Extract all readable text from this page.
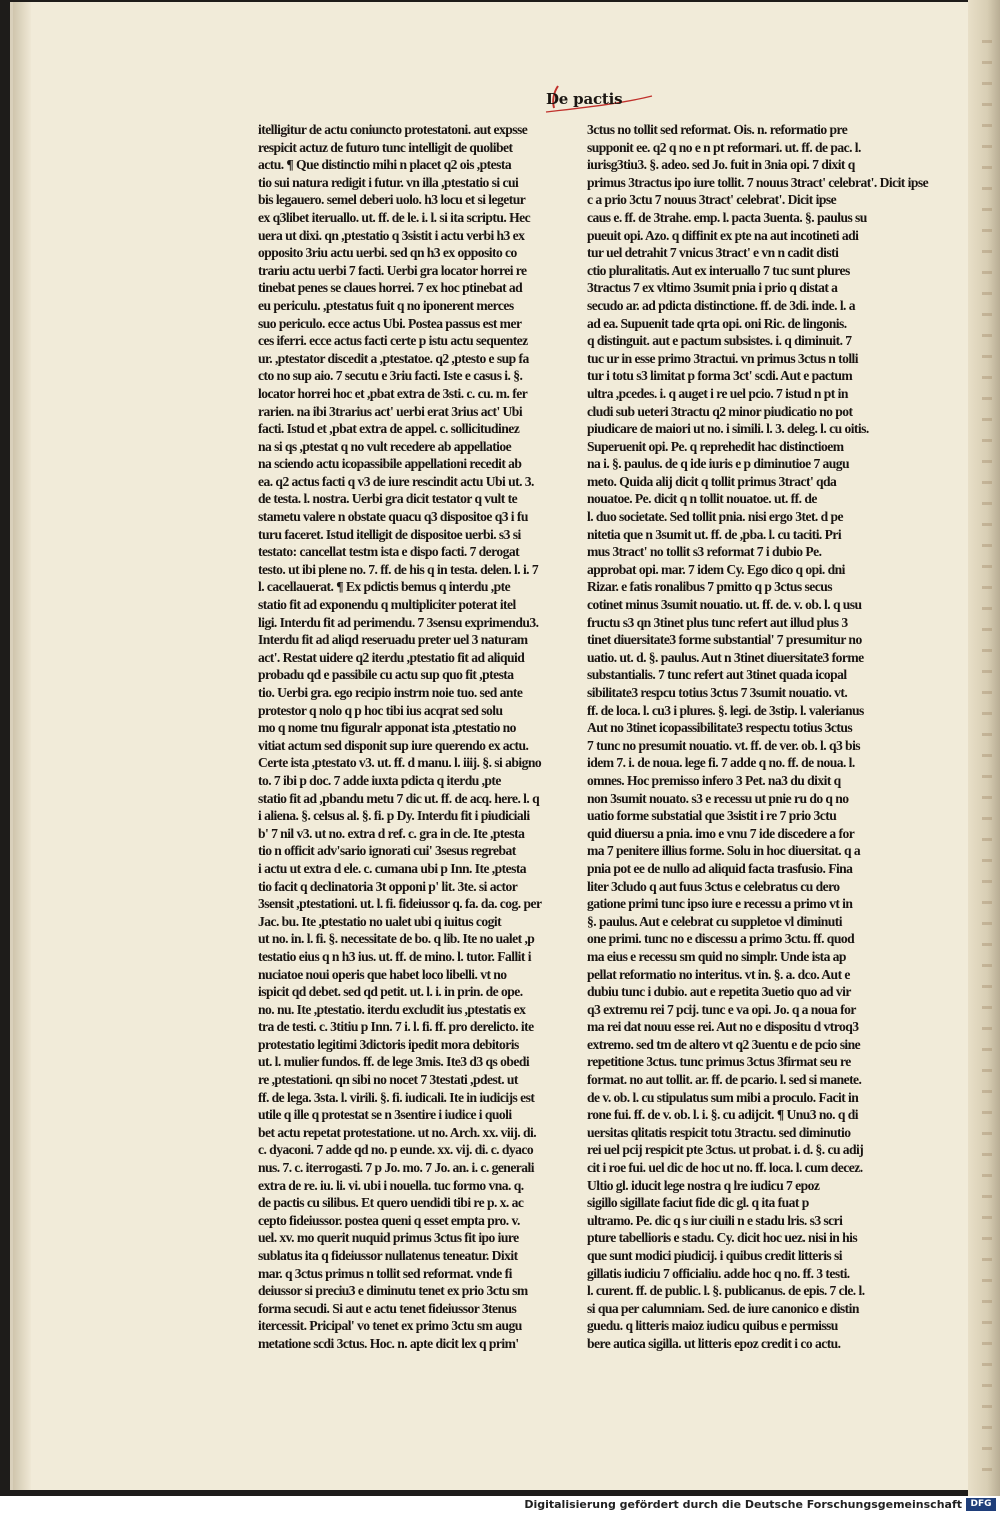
De pactis
itelligitur de actu coniuncto protestatoni. aut expsse
respicit actuz de futuro tunc intelligit de quolibet
actu. ¶ Que distinctio mihi n placet q2 ois ,ptesta
tio sui natura redigit i futur. vn illa ,ptestatio si cui
bis legauero. semel deberi uolo. h3 locu et si legetur
ex q3libet iteruallo. ut. ff. de le. i. l. si ita scriptu. Hec
uera ut dixi. qn ,ptestatio q 3sistit i actu verbi h3 ex
opposito 3riu actu uerbi. sed qn h3 ex opposito co
trariu actu uerbi 7 facti. Uerbi gra locator horrei re
tinebat penes se claues horrei. 7 ex hoc ptinebat ad
eu periculu. ,ptestatus fuit q no iponerent merces
suo periculo. ecce actus Ubi. Postea passus est mer
ces iferri. ecce actus facti certe p istu actu sequentez
ur. ,ptestator discedit a ,ptestatoe. q2 ,ptesto e sup fa
cto no sup aio. 7 secutu e 3riu facti. Iste e casus i. §.
locator horrei hoc et ,pbat extra de 3sti. c. cu. m. fer
rarien. na ibi 3trarius act' uerbi erat 3rius act' Ubi
facti. Istud et ,pbat extra de appel. c. sollicitudinez
na si qs ,ptestat q no vult recedere ab appellatioe
na sciendo actu icopassibile appellationi recedit ab
ea. q2 actus facti q v3 de iure rescindit actu Ubi ut. 3.
de testa. l. nostra. Uerbi gra dicit testator q vult te
stametu valere n obstate quacu q3 dispositoe q3 i fu
turu faceret. Istud itelligit de dispositoe uerbi. s3 si
testato: cancellat testm ista e dispo facti. 7 derogat
testo. ut ibi plene no. 7. ff. de his q in testa. delen. l. i. 7
l. cacellauerat. ¶ Ex pdictis bemus q interdu ,pte
statio fit ad exponendu q multipliciter poterat itel
ligi. Interdu fit ad perimendu. 7 3sensu exprimendu3.
Interdu fit ad aliqd reseruadu preter uel 3 naturam
act'. Restat uidere q2 iterdu ,ptestatio fit ad aliquid
probadu qd e passibile cu actu sup quo fit ,ptesta
tio. Uerbi gra. ego recipio instrm noie tuo. sed ante
protestor q nolo q p hoc tibi ius acqrat sed solu
mo q nome tnu figuralr apponat ista ,ptestatio no
vitiat actum sed disponit sup iure querendo ex actu.
Certe ista ,ptestato v3. ut. ff. d manu. l. iiij. §. si abigno
to. 7 ibi p doc. 7 adde iuxta pdicta q iterdu ,pte
statio fit ad ,pbandu metu 7 dic ut. ff. de acq. here. l. q
i aliena. §. celsus al. §. fi. p Dy. Interdu fit i piudiciali
b' 7 nil v3. ut no. extra d ref. c. gra in cle. Ite ,ptesta
tio n officit adv'sario ignorati cui' 3sesus regrebat
i actu ut extra d ele. c. cumana ubi p Inn. Ite ,ptesta
tio facit q declinatoria 3t opponi p' lit. 3te. si actor
3sensit ,ptestationi. ut. l. fi. fideiussor q. fa. da. cog. per
Jac. bu. Ite ,ptestatio no ualet ubi q iuitus cogit
ut no. in. l. fi. §. necessitate de bo. q lib. Ite no ualet ,p
testatio eius q n h3 ius. ut. ff. de mino. l. tutor. Fallit i
nuciatoe noui operis que habet loco libelli. vt no
ispicit qd debet. sed qd petit. ut. l. i. in prin. de ope.
no. nu. Ite ,ptestatio. iterdu excludit ius ,ptestatis ex
tra de testi. c. 3titiu p Inn. 7 i. l. fi. ff. pro derelicto. ite
protestatio legitimi 3dictoris ipedit mora debitoris
ut. l. mulier fundos. ff. de lege 3mis. Ite3 d3 qs obedi
re ,ptestationi. qn sibi no nocet 7 3testati ,pdest. ut
ff. de lega. 3sta. l. virili. §. fi. iudicali. Ite in iudicijs est
utile q ille q protestat se n 3sentire i iudice i quoli
bet actu repetat protestatione. ut no. Arch. xx. viij. di.
c. dyaconi. 7 adde qd no. p eunde. xx. vij. di. c. dyaco
nus. 7. c. iterrogasti. 7 p Jo. mo. 7 Jo. an. i. c. generali
extra de re. iu. li. vi. ubi i nouella. tuc formo vna. q.
de pactis cu silibus. Et quero uendidi tibi re p. x. ac
cepto fideiussor. postea queni q esset empta pro. v.
uel. xv. mo querit nuquid primus 3ctus fit ipo iure
sublatus ita q fideiussor nullatenus teneatur. Dixit
mar. q 3ctus primus n tollit sed reformat. vnde fi
deiussor si preciu3 e diminutu tenet ex prio 3ctu sm
forma secudi. Si aut e actu tenet fideiussor 3tenus
itercessit. Pricipal' vo tenet ex primo 3ctu sm augu
metatione scdi 3ctus. Hoc. n. apte dicit lex q prim'
3ctus no tollit sed reformat. Ois. n. reformatio pre
supponit ee. q2 q no e n pt reformari. ut. ff. de pac. l.
iurisg3tiu3. §. adeo. sed Jo. fuit in 3nia opi. 7 dixit q
primus 3tractus ipo iure tollit. 7 nouus 3tract' celebrat'. Dicit ipse
c a prio 3ctu 7 nouus 3tract' celebrat'. Dicit ipse
caus e. ff. de 3trahe. emp. l. pacta 3uenta. §. paulus su
pueuit opi. Azo. q diffinit ex pte na aut incotineti adi
tur uel detrahit 7 vnicus 3tract' e vn n cadit disti
ctio pluralitatis. Aut ex interuallo 7 tuc sunt plures
3tractus 7 ex vltimo 3sumit pnia i prio q distat a
secudo ar. ad pdicta distinctione. ff. de 3di. inde. l. a
ad ea. Supuenit tade qrta opi. oni Ric. de lingonis.
q distinguit. aut e pactum subsistes. i. q diminuit. 7
tuc ur in esse primo 3tractui. vn primus 3ctus n tolli
tur i totu s3 limitat p forma 3ct' scdi. Aut e pactum
ultra ,pcedes. i. q auget i re uel pcio. 7 istud n pt in
cludi sub ueteri 3tractu q2 minor piudicatio no pot
piudicare de maiori ut no. i simili. l. 3. deleg. l. cu oitis.
Superuenit opi. Pe. q reprehedit hac distinctioem
na i. §. paulus. de q ide iuris e p diminutioe 7 augu
meto. Quida alij dicit q tollit primus 3tract' qda
nouatoe. Pe. dicit q n tollit nouatoe. ut. ff. de
l. duo societate. Sed tollit pnia. nisi ergo 3tet. d pe
nitetia que n 3sumit ut. ff. de ,pba. l. cu taciti. Pri
mus 3tract' no tollit s3 reformat 7 i dubio Pe.
approbat opi. mar. 7 idem Cy. Ego dico q opi. dni
Rizar. e fatis ronalibus 7 pmitto q p 3ctus secus
cotinet minus 3sumit nouatio. ut. ff. de. v. ob. l. q usu
fructu s3 qn 3tinet plus tunc refert aut illud plus 3
tinet diuersitate3 forme substantial' 7 presumitur no
uatio. ut. d. §. paulus. Aut n 3tinet diuersitate3 forme
substantialis. 7 tunc refert aut 3tinet quada icopal
sibilitate3 respcu totius 3ctus 7 3sumit nouatio. vt.
ff. de loca. l. cu3 i plures. §. legi. de 3stip. l. valerianus
Aut no 3tinet icopassibilitate3 respectu totius 3ctus
7 tunc no presumit nouatio. vt. ff. de ver. ob. l. q3 bis
idem 7. i. de noua. lege fi. 7 adde q no. ff. de noua. l.
omnes. Hoc premisso infero 3 Pet. na3 du dixit q
non 3sumit nouato. s3 e recessu ut pnie ru do q no
uatio forme substatial que 3sistit i re 7 prio 3ctu
quid diuersu a pnia. imo e vnu 7 ide discedere a for
ma 7 penitere illius forme. Solu in hoc diuersitat. q a
pnia pot ee de nullo ad aliquid facta trasfusio. Fina
liter 3cludo q aut fuus 3ctus e celebratus cu dero
gatione primi tunc ipso iure e recessu a primo vt in
§. paulus. Aut e celebrat cu suppletoe vl diminuti
one primi. tunc no e discessu a primo 3ctu. ff. quod
ma eius e recessu sm quid no simplr. Unde ista ap
pellat reformatio no interitus. vt in. §. a. dco. Aut e
dubiu tunc i dubio. aut e repetita 3uetio quo ad vir
q3 extremu rei 7 pcij. tunc e va opi. Jo. q a noua for
ma rei dat nouu esse rei. Aut no e dispositu d vtroq3
extremo. sed tm de altero vt q2 3uentu e de pcio sine
repetitione 3ctus. tunc primus 3ctus 3firmat seu re
format. no aut tollit. ar. ff. de pcario. l. sed si manete.
de v. ob. l. cu stipulatus sum mibi a proculo. Facit in
rone fui. ff. de v. ob. l. i. §. cu adijcit. ¶ Unu3 no. q di
uersitas qlitatis respicit totu 3tractu. sed diminutio
rei uel pcij respicit pte 3ctus. ut probat. i. d. §. cu adij
cit i roe fui. uel dic de hoc ut no. ff. loca. l. cum decez.
Ultio gl. iducit lege nostra q lre iudicu 7 epoz
sigillo sigillate faciut fide dic gl. q ita fuat p
ultramo. Pe. dic q s iur ciuili n e stadu lris. s3 scri
pture tabellioris e stadu. Cy. dicit hoc uez. nisi in his
que sunt modici piudicij. i quibus credit litteris si
gillatis iudiciu 7 officialiu. adde hoc q no. ff. 3 testi.
l. curent. ff. de public. l. §. publicanus. de epis. 7 cle. l.
si qua per calumniam. Sed. de iure canonico e distin
guedu. q litteris maioz iudicu quibus e permissu
bere autica sigilla. ut litteris epoz credit i co actu.
Digitalisierung gefördert durch die Deutsche Forschungsgemeinschaft DFG
